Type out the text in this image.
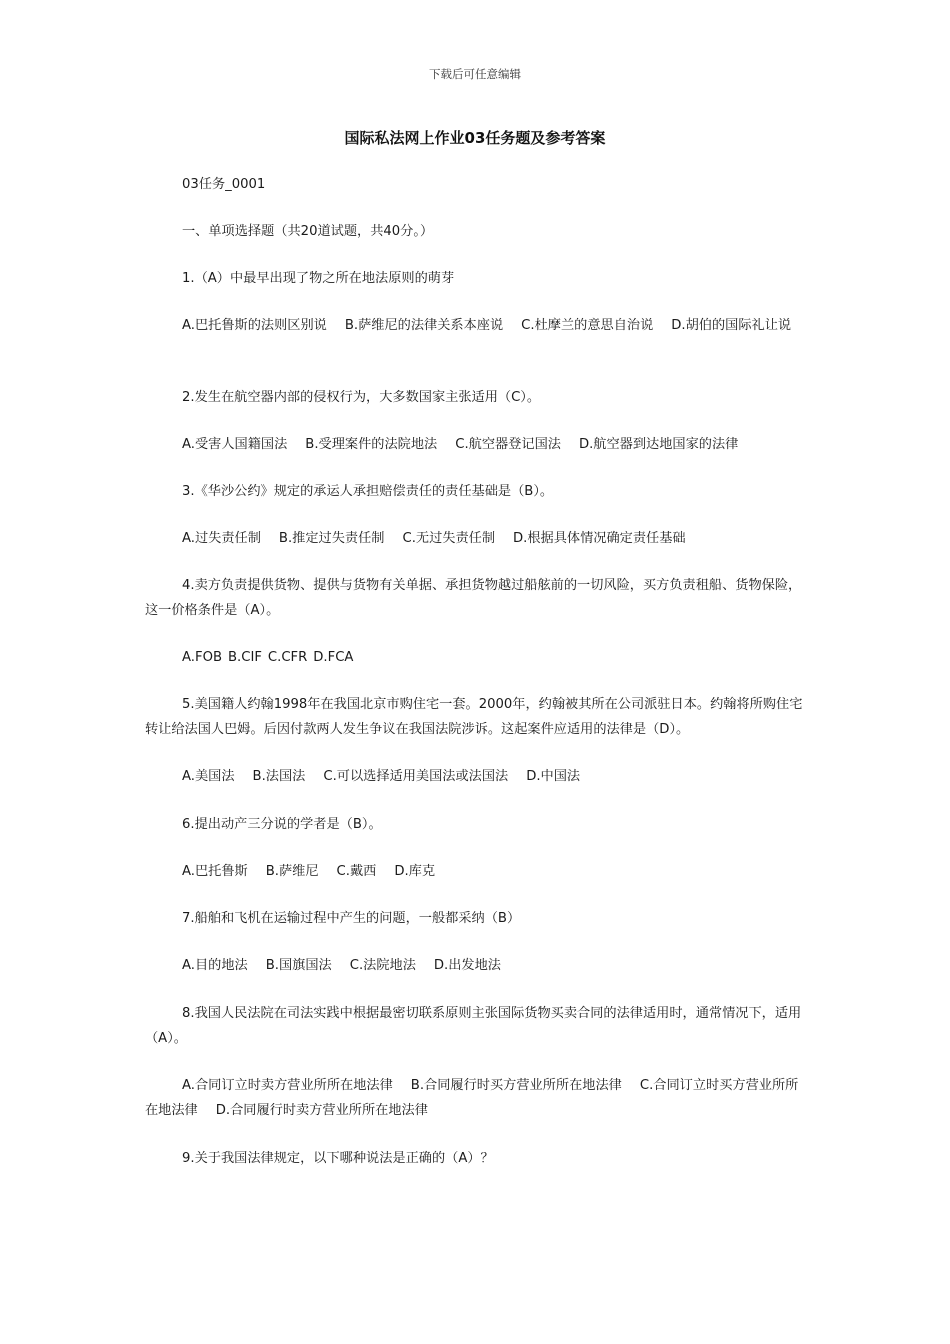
下载后可任意编辑
国际私法网上作业03任务题及参考答案

03任务_0001

一、单项选择题（共20道试题，共40分。）

1.（A）中最早出现了物之所在地法原则的萌芽

A.巴托鲁斯的法则区别说 B.萨维尼的法律关系本座说 C.杜摩兰的意思自治说 D.胡伯的国际礼让说

2.发生在航空器内部的侵权行为，大多数国家主张适用（C）。

A.受害人国籍国法 B.受理案件的法院地法 C.航空器登记国法 D.航空器到达地国家的法律

3.《华沙公约》规定的承运人承担赔偿责任的责任基础是（B）。

A.过失责任制 B.推定过失责任制 C.无过失责任制 D.根据具体情况确定责任基础

4.卖方负责提供货物、提供与货物有关单据、承担货物越过船舷前的一切风险，买方负责租船、货物保险，这一价格条件是（A）。

A.FOB B.CIF C.CFR D.FCA

5.美国籍人约翰1998年在我国北京市购住宅一套。2000年，约翰被其所在公司派驻日本。约翰将所购住宅转让给法国人巴姆。后因付款两人发生争议在我国法院涉诉。这起案件应适用的法律是（D）。

A.美国法 B.法国法 C.可以选择适用美国法或法国法 D.中国法

6.提出动产三分说的学者是（B）。

A.巴托鲁斯 B.萨维尼 C.戴西 D.库克

7.船舶和飞机在运输过程中产生的问题，一般都采纳（B）

A.目的地法 B.国旗国法 C.法院地法 D.出发地法

8.我国人民法院在司法实践中根据最密切联系原则主张国际货物买卖合同的法律适用时，通常情况下，适用（A）。

A.合同订立时卖方营业所所在地法律 B.合同履行时买方营业所所在地法律 C.合同订立时买方营业所所在地法律 D.合同履行时卖方营业所所在地法律

9.关于我国法律规定，以下哪种说法是正确的（A）？
